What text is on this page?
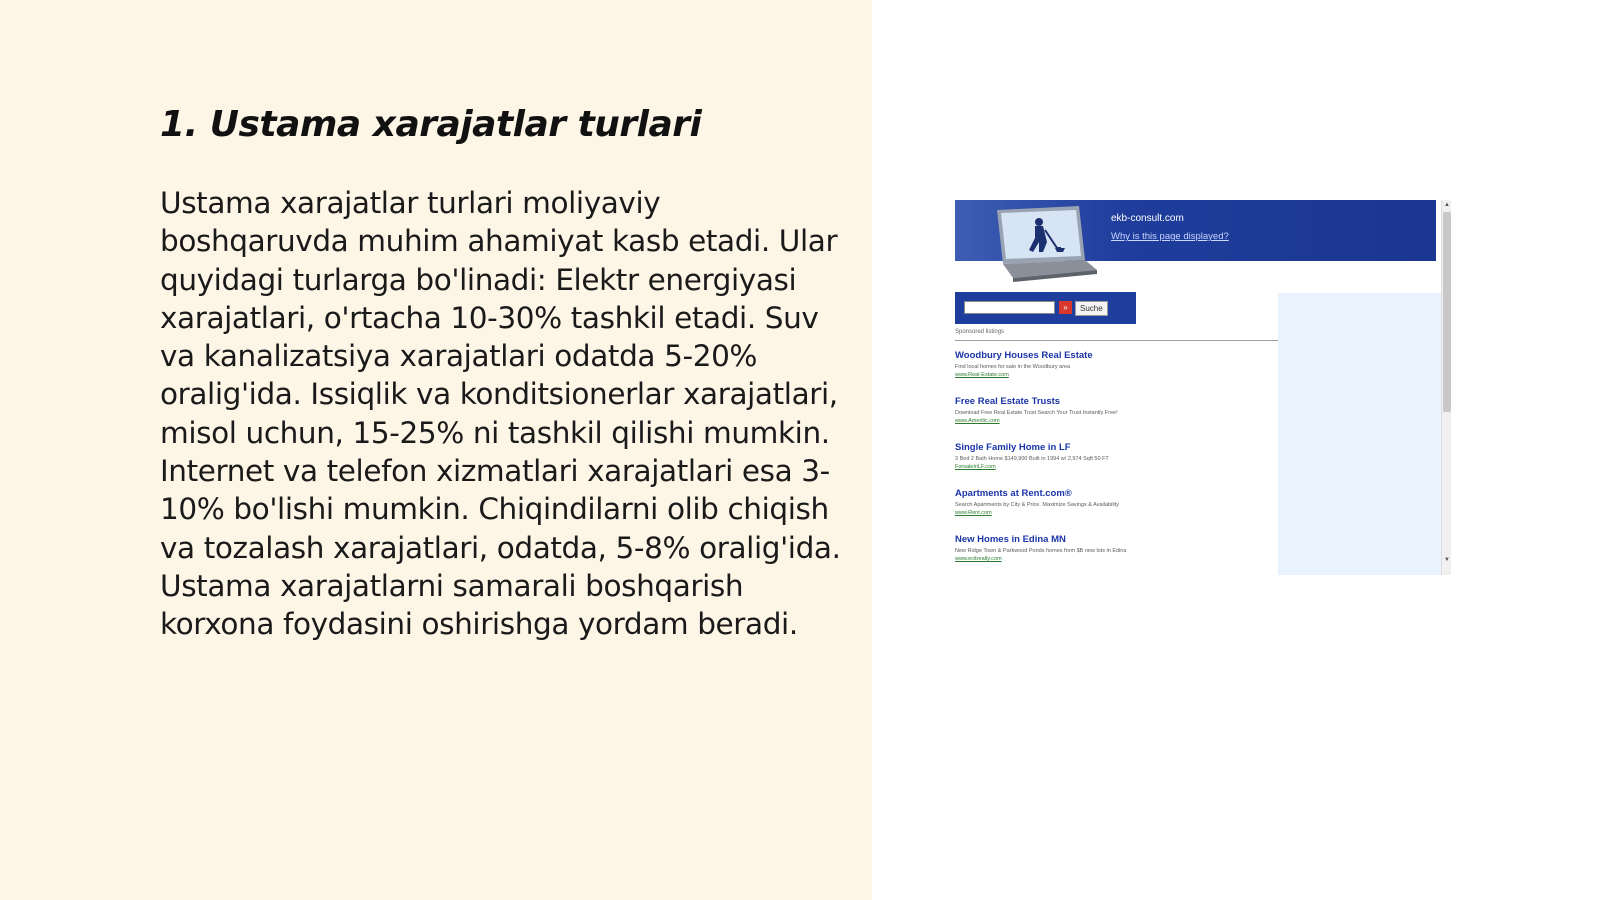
1. Ustama xarajatlar turlari

Ustama xarajatlar turlari moliyaviy boshqaruvda muhim ahamiyat kasb etadi. Ular quyidagi turlarga bo'linadi: Elektr energiyasi xarajatlari, o'rtacha 10-30% tashkil etadi. Suv va kanalizatsiya xarajatlari odatda 5-20% oralig'ida. Issiqlik va konditsionerlar xarajatlari, misol uchun, 15-25% ni tashkil qilishi mumkin. Internet va telefon xizmatlari xarajatlari esa 3-10% bo'lishi mumkin. Chiqindilarni olib chiqish va tozalash xarajatlari, odatda, 5-8% oralig'ida. Ustama xarajatlarni samarali boshqarish korxona foydasini oshirishga yordam beradi.

ekb-consult.com
Why is this page displayed?
»	Suche
Sponsored listings
Woodbury Houses Real Estate
Find local homes for sale in the Woodbury area
www.Real-Estate.com
Free Real Estate Trusts
Download Free Real Estate Trust Search Your Trust Instantly Free!
www.Amerilic.com
Single Family Home in LF
3 Bed 2 Bath Home $149,900 Built in 1994 w/ 2,974 Sqft 50 FT
ForsaleInLF.com
Apartments at Rent.com®
Search Apartments by City & Price. Maximize Savings & Availability
www.Rent.com
New Homes in Edina MN
New Ridge Town & Parkwood Ponds homes from $B new lots in Edina
www.ecitrealty.com
▲
▼
